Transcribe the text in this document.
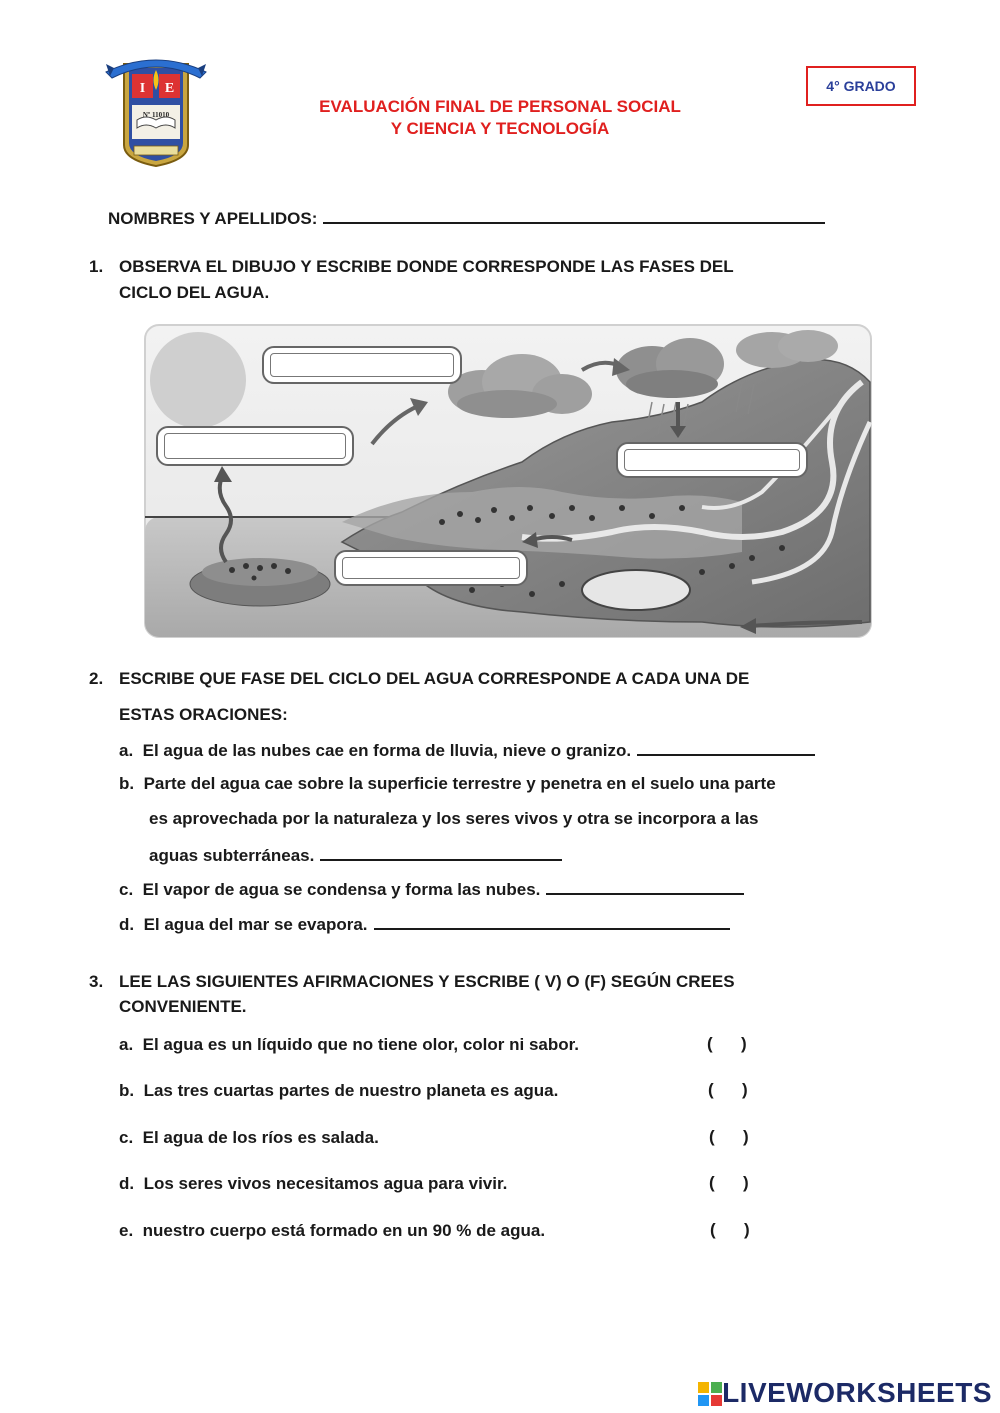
I E
Nº 11010	EVALUACIÓN FINAL DE PERSONAL SOCIAL
Y CIENCIA Y TECNOLOGÍA
4° GRADO
NOMBRES Y APELLIDOS:
1. OBSERVA EL DIBUJO Y ESCRIBE DONDE CORRESPONDE LAS FASES DEL
CICLO DEL AGUA.
2. ESCRIBE QUE FASE DEL CICLO DEL AGUA CORRESPONDE A CADA UNA DE
ESTAS ORACIONES:
a. El agua de las nubes cae en forma de lluvia, nieve o granizo.
b. Parte del agua cae sobre la superficie terrestre y penetra en el suelo una parte
es aprovechada por la naturaleza y los seres vivos y otra se incorpora a las
aguas subterráneas.
c. El vapor de agua se condensa y forma las nubes.
d. El agua del mar se evapora.
3. LEE LAS SIGUIENTES AFIRMACIONES Y ESCRIBE ( V) O (F) SEGÚN CREES
CONVENIENTE.
a. El agua es un líquido que no tiene olor, color ni sabor.	(      )
b. Las tres cuartas partes de nuestro planeta es agua.	(      )
c. El agua de los ríos es salada.	(      )
d. Los seres vivos necesitamos agua para vivir.	(      )
e. nuestro cuerpo está formado en un 90 % de agua.	(      )
LIVEWORKSHEETS
